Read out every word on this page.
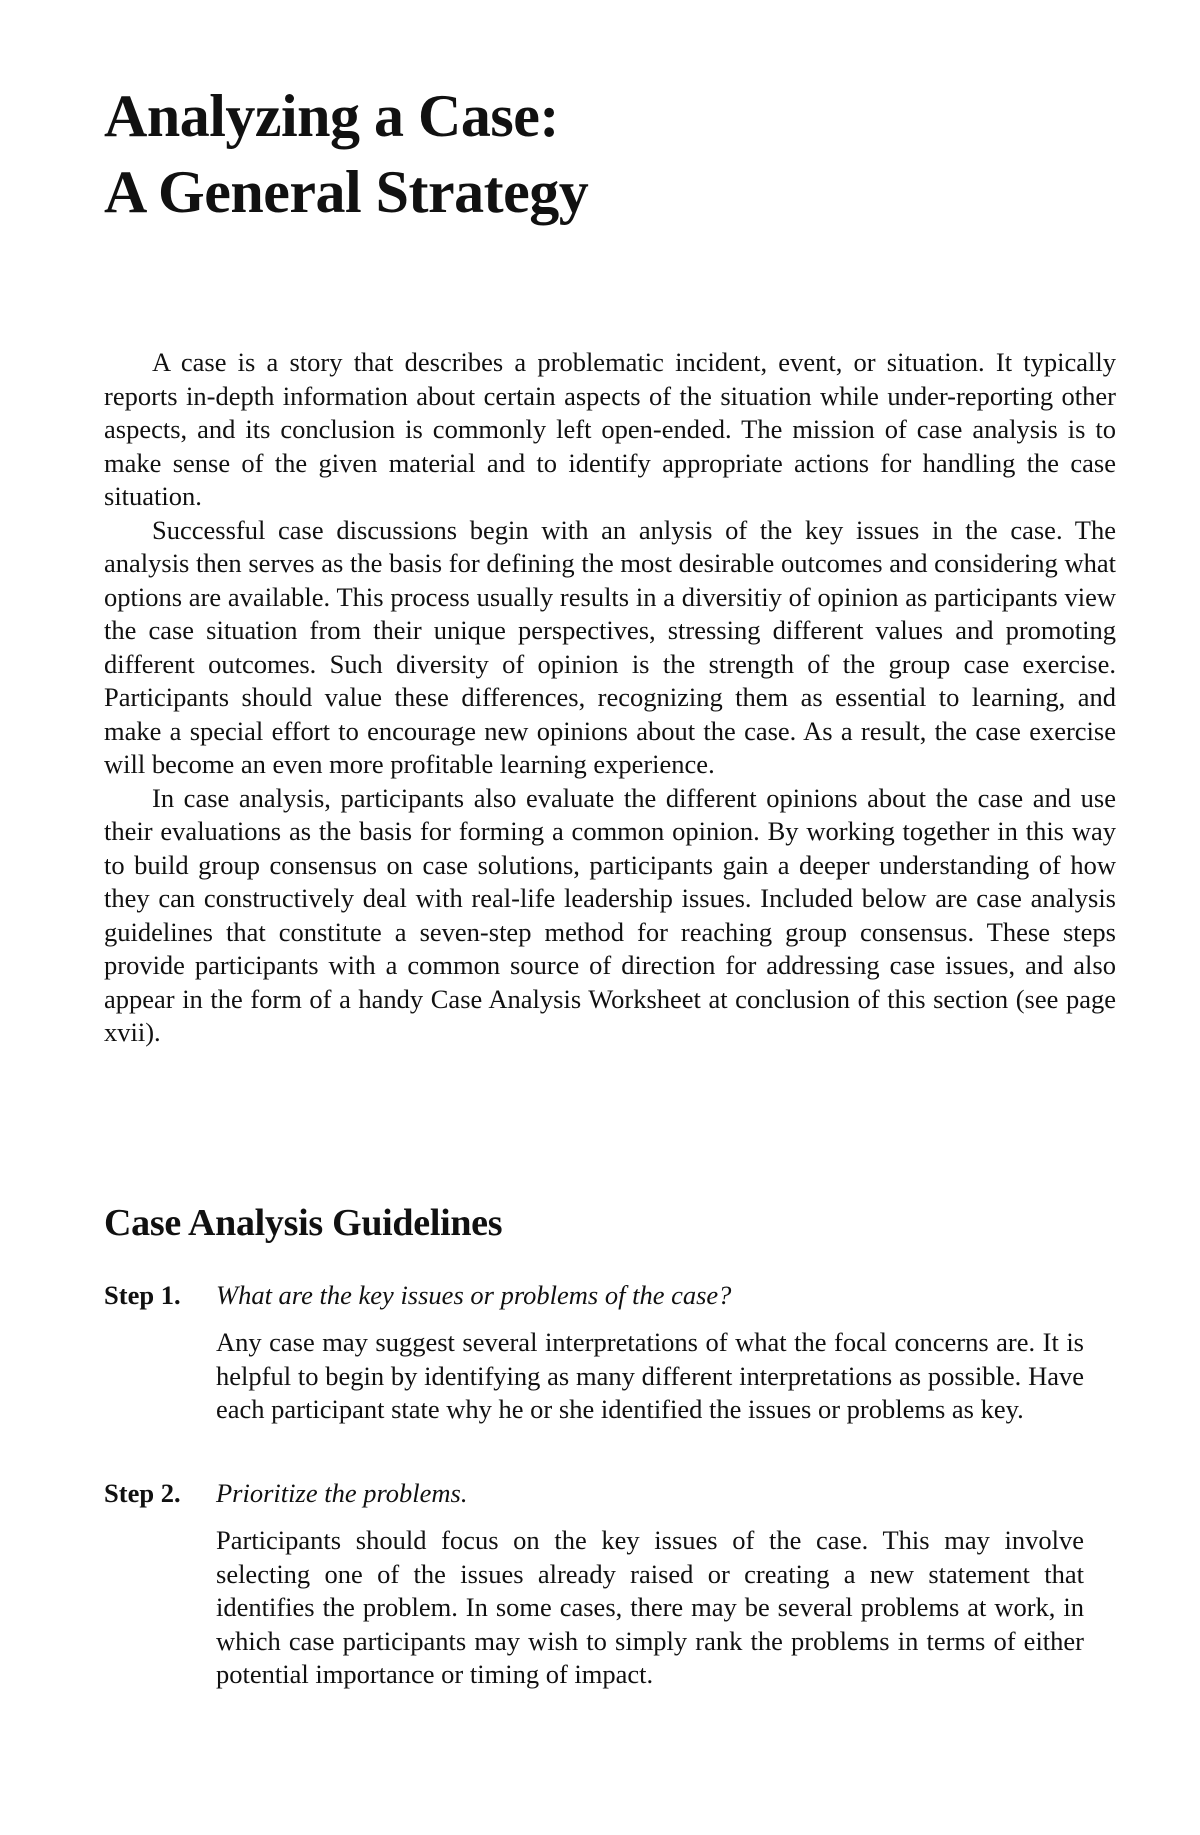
Analyzing a Case:
A General Strategy

A case is a story that describes a problematic incident, event, or situation. It typically reports in-depth information about certain aspects of the situation while under-reporting other aspects, and its conclusion is commonly left open-ended. The mission of case analysis is to make sense of the given material and to identify appropriate actions for handling the case situation.

Successful case discussions begin with an anlysis of the key issues in the case. The analysis then serves as the basis for defining the most desirable outcomes and considering what options are available. This process usually results in a diversitiy of opinion as participants view the case situation from their unique perspectives, stressing different values and promoting different outcomes. Such diversity of opinion is the strength of the group case exercise. Participants should value these differences, recognizing them as essential to learning, and make a special effort to encourage new opinions about the case. As a result, the case exercise will become an even more profitable learning experience.

In case analysis, participants also evaluate the different opinions about the case and use their evaluations as the basis for forming a common opinion. By working together in this way to build group consensus on case solutions, participants gain a deeper understanding of how they can constructively deal with real-life leadership issues. Included below are case analysis guidelines that constitute a seven-step method for reaching group consensus. These steps provide participants with a common source of direction for addressing case issues, and also appear in the form of a handy Case Analysis Worksheet at conclusion of this section (see page xvii).

Case Analysis Guidelines
Step 1.	What are the key issues or problems of the case?

Any case may suggest several interpretations of what the focal concerns are. It is helpful to begin by identifying as many different interpretations as possible. Have each participant state why he or she identified the issues or problems as key.

Step 2.	Prioritize the problems.

Participants should focus on the key issues of the case. This may involve selecting one of the issues already raised or creating a new statement that identifies the problem. In some cases, there may be several problems at work, in which case participants may wish to simply rank the problems in terms of either potential importance or timing of impact.
